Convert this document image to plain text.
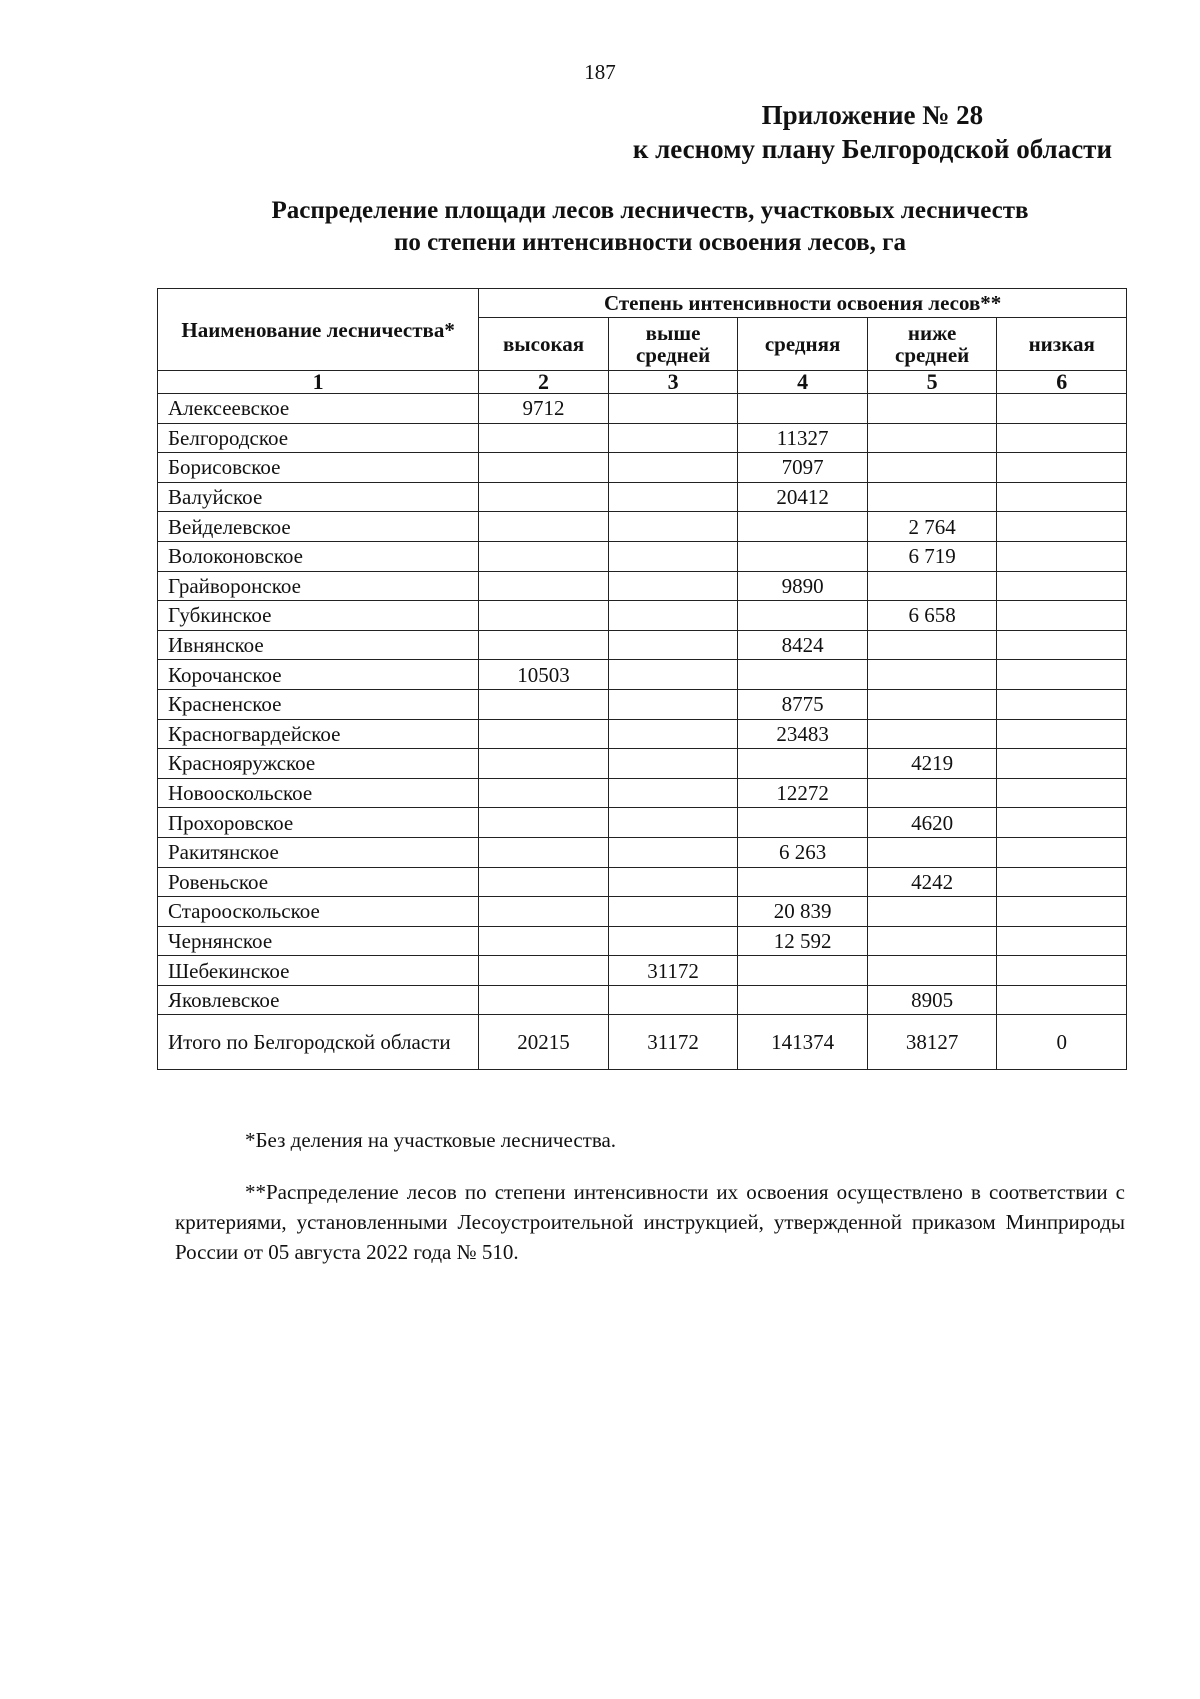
187
Приложение № 28
к лесному плану Белгородской области
Распределение площади лесов лесничеств, участковых лесничеств
по степени интенсивности освоения лесов, га
Наименование лесничества*	Степень интенсивности освоения лесов**				
	высокая	выше средней	средняя	ниже средней	низкая
1	2	3	4	5	6
Алексеевское	9712				
Белгородское			11327		
Борисовское			7097		
Валуйское			20412		
Вейделевское				2 764	
Волоконовское				6 719	
Грайворонское			9890		
Губкинское				6 658	
Ивнянское			8424		
Корочанское	10503				
Красненское			8775		
Красногвардейское			23483		
Краснояружское				4219	
Новооскольское			12272		
Прохоровское				4620	
Ракитянское			6 263		
Ровеньское				4242	
Старооскольское			20 839		
Чернянское			12 592		
Шебекинское		31172			
Яковлевское				8905	
Итого по Белгородской области	20215	31172	141374	38127	0

*Без деления на участковые лесничества.

**Распределение лесов по степени интенсивности их освоения осуществлено в соответствии с критериями, установленными Лесоустроительной инструкцией, утвержденной приказом Минприроды России от 05 августа 2022 года № 510.
